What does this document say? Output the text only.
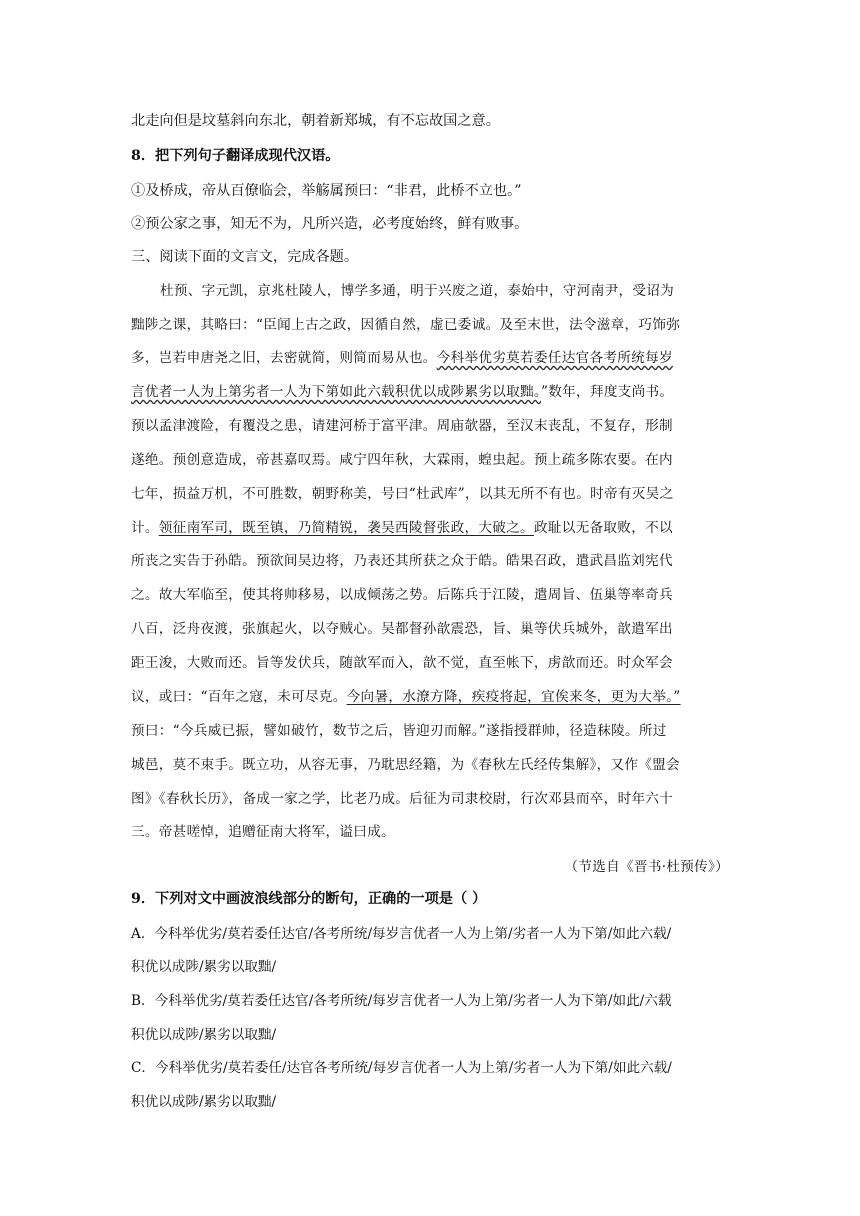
北走向但是坟墓斜向东北，朝着新郑城，有不忘故国之意。
8．把下列句子翻译成现代汉语。
①及桥成，帝从百僚临会，举觞属预曰：“非君，此桥不立也。”
②预公家之事，知无不为，凡所兴造，必考度始终，鲜有败事。
三、阅读下面的文言文，完成各题。
杜预、字元凯，京兆杜陵人，博学多通，明于兴废之道，泰始中，守河南尹，受诏为
黜陟之课，其略曰：“臣闻上古之政，因循自然，虚已委诚。及至末世，法令滋章，巧饰弥
多，岂若申唐尧之旧，去密就简，则简而易从也。今科举优劣莫若委任达官各考所统每岁
言优者一人为上第劣者一人为下第如此六载积优以成陟累劣以取黜。”数年，拜度支尚书。
预以孟津渡险，有覆没之患，请建河桥于富平津。周庙欹器，至汉末丧乱，不复存，形制
遂绝。预创意造成，帝甚嘉叹焉。咸宁四年秋，大霖雨，蝗虫起。预上疏多陈农要。在内
七年，损益万机，不可胜数，朝野称美，号曰“杜武库”，以其无所不有也。时帝有灭吴之
计。领征南军司，既至镇，乃简精锐，袭吴西陵督张政，大破之。政耻以无备取败，不以
所丧之实告于孙皓。预欲间吴边将，乃表还其所获之众于皓。皓果召政，遣武昌监刘宪代
之。故大军临至，使其将帅移易，以成倾荡之势。后陈兵于江陵，遣周旨、伍巢等率奇兵
八百，泛舟夜渡，张旗起火，以夺贼心。吴都督孙歆震恐，旨、巢等伏兵城外，歆遣军出
距王浚，大败而还。旨等发伏兵，随歆军而入，歆不觉，直至帐下，虏歆而还。时众军会
议，或曰：“百年之寇，未可尽克。今向暑，水潦方降，疾疫将起，宜俟来冬，更为大举。”
预曰：“今兵威已振，譬如破竹，数节之后，皆迎刃而解。”遂指授群帅，径造秣陵。所过
城邑，莫不束手。既立功，从容无事，乃耽思经籍，为《春秋左氏经传集解》，又作《盟会
图》《春秋长历》，备成一家之学，比老乃成。后征为司隶校尉，行次邓县而卒，时年六十
三。帝甚嗟悼，追赠征南大将军，谥曰成。
（节选自《晋书·杜预传》）
9．下列对文中画波浪线部分的断句，正确的一项是（ ）
A．今科举优劣/莫若委任达官/各考所统/每岁言优者一人为上第/劣者一人为下第/如此六载/
积优以成陟/累劣以取黜/
B．今科举优劣/莫若委任达官/各考所统/每岁言优者一人为上第/劣者一人为下第/如此/六载
积优以成陟/累劣以取黜/
C．今科举优劣/莫若委任/达官各考所统/每岁言优者一人为上第/劣者一人为下第/如此六载/
积优以成陟/累劣以取黜/
